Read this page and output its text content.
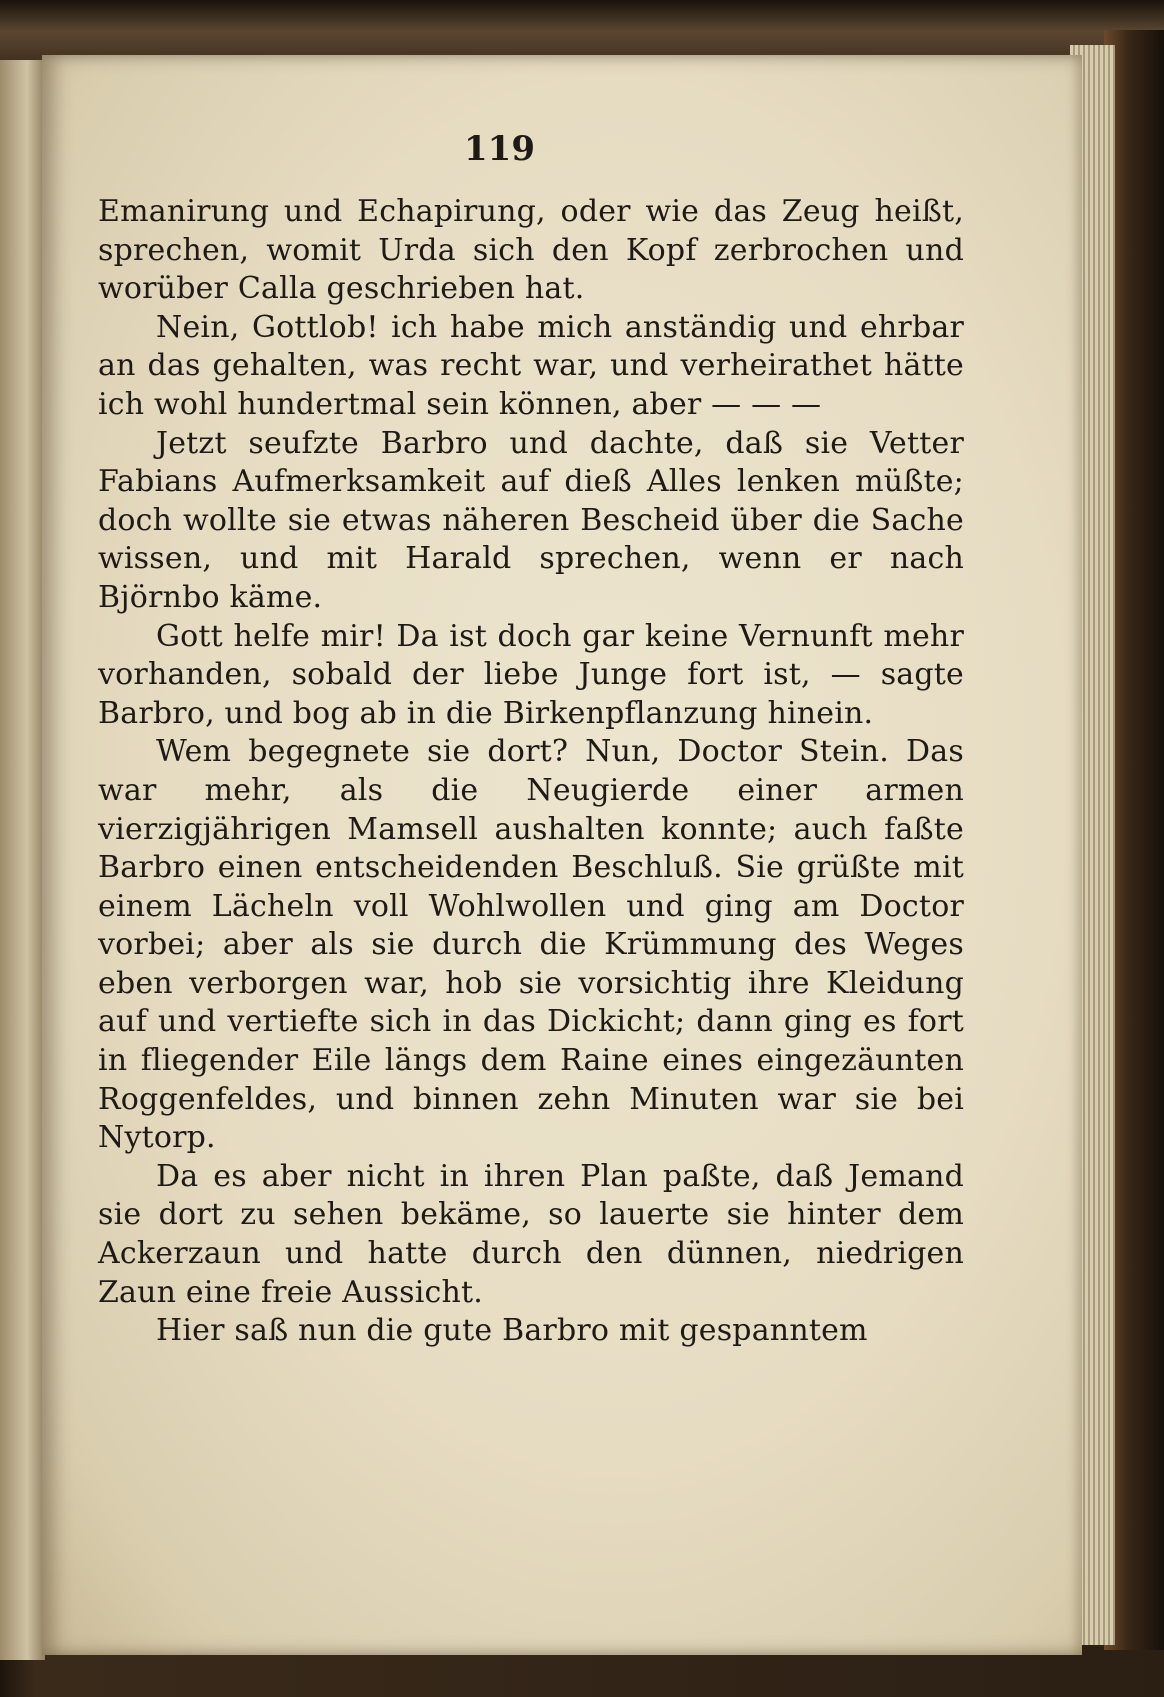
119

Emanirung und Echapirung, oder wie das Zeug heißt, sprechen, womit Urda sich den Kopf zerbrochen und worüber Calla geschrieben hat.

Nein, Gottlob! ich habe mich anständig und ehrbar an das gehalten, was recht war, und verheirathet hätte ich wohl hundertmal sein können, aber — — —

Jetzt seufzte Barbro und dachte, daß sie Vetter Fabians Aufmerksamkeit auf dieß Alles lenken müßte; doch wollte sie etwas näheren Bescheid über die Sache wissen, und mit Harald sprechen, wenn er nach Björnbo käme.

Gott helfe mir! Da ist doch gar keine Vernunft mehr vorhanden, sobald der liebe Junge fort ist, — sagte Barbro, und bog ab in die Birkenpflanzung hinein.

Wem begegnete sie dort? Nun, Doctor Stein. Das war mehr, als die Neugierde einer armen vierzigjährigen Mamsell aushalten konnte; auch faßte Barbro einen entscheidenden Beschluß. Sie grüßte mit einem Lächeln voll Wohlwollen und ging am Doctor vorbei; aber als sie durch die Krümmung des Weges eben verborgen war, hob sie vorsichtig ihre Kleidung auf und vertiefte sich in das Dickicht; dann ging es fort in fliegender Eile längs dem Raine eines eingezäunten Roggenfeldes, und binnen zehn Minuten war sie bei Nytorp.

Da es aber nicht in ihren Plan paßte, daß Jemand sie dort zu sehen bekäme, so lauerte sie hinter dem Ackerzaun und hatte durch den dünnen, niedrigen Zaun eine freie Aussicht.

Hier saß nun die gute Barbro mit gespanntem
